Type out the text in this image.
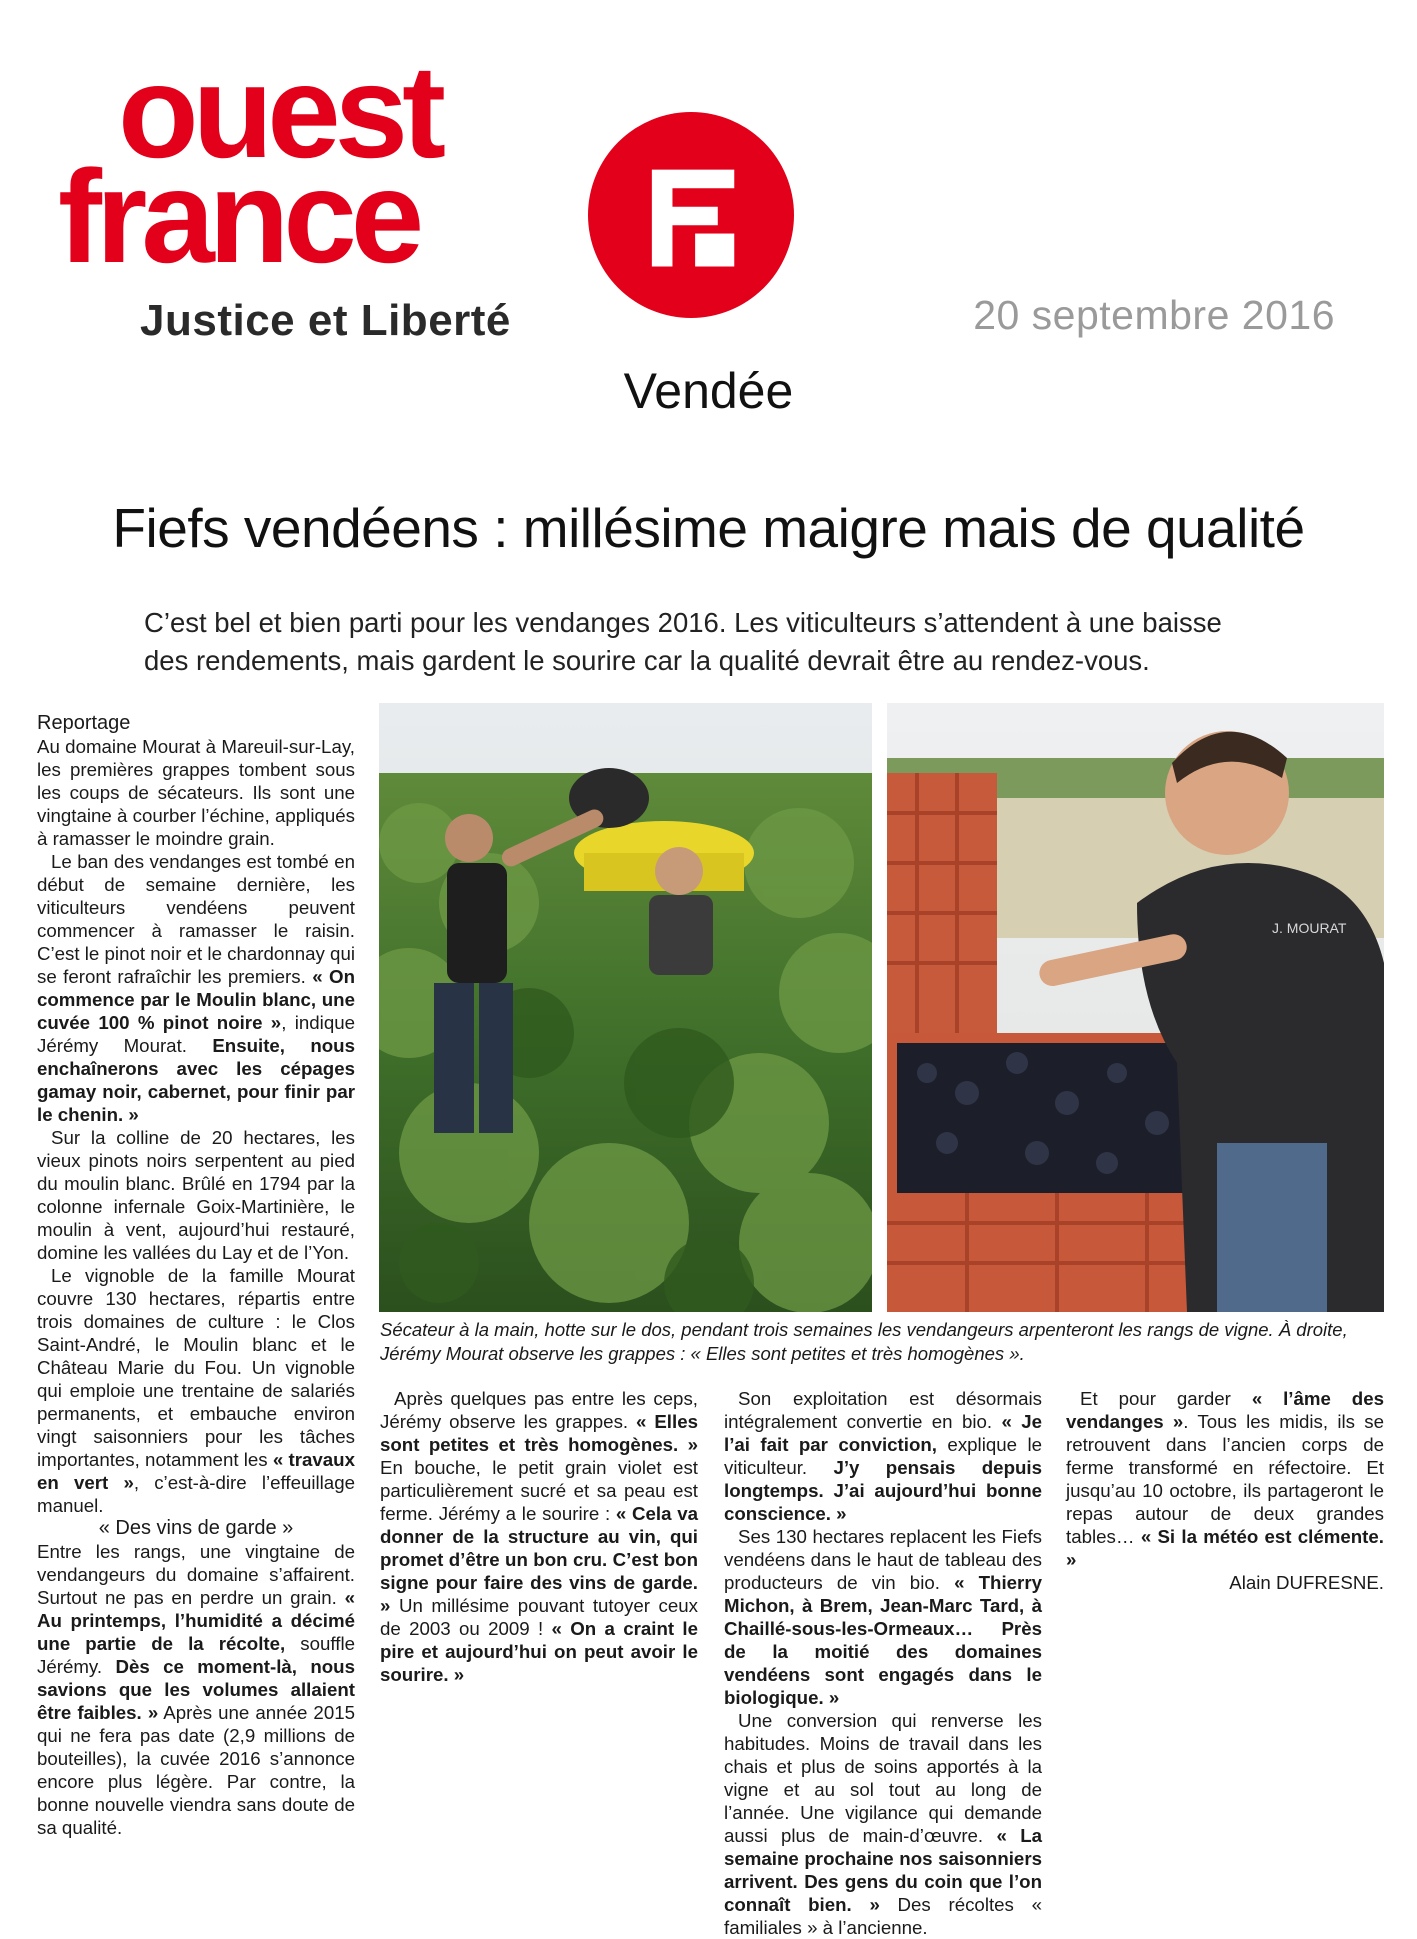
ouest
france
Justice et Liberté	20 septembre 2016
Vendée
Fiefs vendéens : millésime maigre mais de qualité
C’est bel et bien parti pour les vendanges 2016. Les viticulteurs s’attendent à une baisse des rendements, mais gardent le sourire car la qualité devrait être au rendez-vous.

Reportage

Au domaine Mourat à Mareuil-sur-Lay, les premières grappes tombent sous les coups de sécateurs. Ils sont une vingtaine à courber l’échine, appliqués à ramasser le moindre grain.

Le ban des vendanges est tombé en début de semaine dernière, les viticulteurs vendéens peuvent commencer à ramasser le raisin. C’est le pinot noir et le chardonnay qui se feront rafraîchir les premiers. « On commence par le Moulin blanc, une cuvée 100 % pinot noire », indique Jérémy Mourat. Ensuite, nous enchaînerons avec les cépages gamay noir, cabernet, pour finir par le chenin. »

Sur la colline de 20 hectares, les vieux pinots noirs serpentent au pied du moulin blanc. Brûlé en 1794 par la colonne infernale Goix-Martinière, le moulin à vent, aujourd’hui restauré, domine les vallées du Lay et de l’Yon.

Le vignoble de la famille Mourat couvre 130 hectares, répartis entre trois domaines de culture : le Clos Saint-André, le Moulin blanc et le Château Marie du Fou. Un vignoble qui emploie une trentaine de salariés permanents, et embauche environ vingt saisonniers pour les tâches importantes, notamment les « travaux en vert », c’est-à-dire l’effeuillage manuel.

« Des vins de garde »

Entre les rangs, une vingtaine de vendangeurs du domaine s’affairent. Surtout ne pas en perdre un grain. « Au printemps, l’humidité a décimé une partie de la récolte, souffle Jérémy. Dès ce moment-là, nous savions que les volumes allaient être faibles. » Après une année 2015 qui ne fera pas date (2,9 millions de bouteilles), la cuvée 2016 s’annonce encore plus légère. Par contre, la bonne nouvelle viendra sans doute de sa qualité.

J. MOURAT
Sécateur à la main, hotte sur le dos, pendant trois semaines les vendangeurs arpenteront les rangs de vigne. À droite, Jérémy Mourat observe les grappes : « Elles sont petites et très homogènes ».

Après quelques pas entre les ceps, Jérémy observe les grappes. « Elles sont petites et très homogènes. » En bouche, le petit grain violet est particulièrement sucré et sa peau est ferme. Jérémy a le sourire : « Cela va donner de la structure au vin, qui promet d’être un bon cru. C’est bon signe pour faire des vins de garde. » Un millésime pouvant tutoyer ceux de 2003 ou 2009 ! « On a craint le pire et aujourd’hui on peut avoir le sourire. »

Son exploitation est désormais intégralement convertie en bio. « Je l’ai fait par conviction, explique le viticulteur. J’y pensais depuis longtemps. J’ai aujourd’hui bonne conscience. »

Ses 130 hectares replacent les Fiefs vendéens dans le haut de tableau des producteurs de vin bio. « Thierry Michon, à Brem, Jean-Marc Tard, à Chaillé-sous-les-Ormeaux… Près de la moitié des domaines vendéens sont engagés dans le biologique. »

Une conversion qui renverse les habitudes. Moins de travail dans les chais et plus de soins apportés à la vigne et au sol tout au long de l’année. Une vigilance qui demande aussi plus de main-d’œuvre. « La semaine prochaine nos saisonniers arrivent. Des gens du coin que l’on connaît bien. » Des récoltes « familiales » à l’ancienne.

Et pour garder « l’âme des vendanges ». Tous les midis, ils se retrouvent dans l’ancien corps de ferme transformé en réfectoire. Et jusqu’au 10 octobre, ils partageront le repas autour de deux grandes tables… « Si la météo est clémente. »

Alain DUFRESNE.
